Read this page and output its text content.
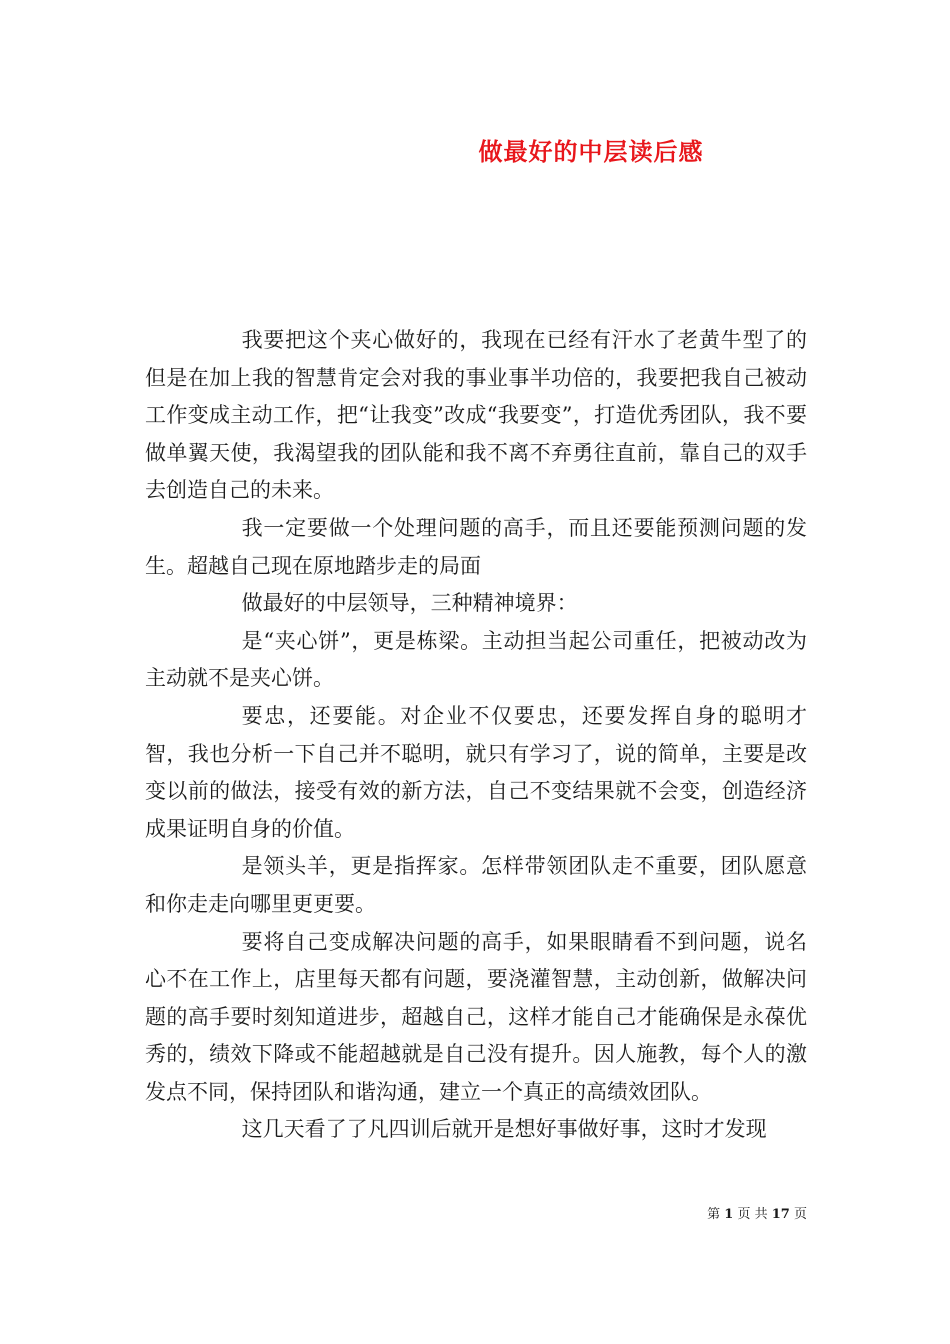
做最好的中层读后感

我要把这个夹心做好的，我现在已经有汗水了老黄牛型了的但是在加上我的智慧肯定会对我的事业事半功倍的，我要把我自己被动工作变成主动工作，把“让我变”改成“我要变”，打造优秀团队，我不要做单翼天使，我渴望我的团队能和我不离不弃勇往直前，靠自己的双手去创造自己的未来。

我一定要做一个处理问题的高手，而且还要能预测问题的发生。超越自己现在原地踏步走的局面

做最好的中层领导，三种精神境界：

是“夹心饼”，更是栋梁。主动担当起公司重任，把被动改为主动就不是夹心饼。

要忠，还要能。对企业不仅要忠，还要发挥自身的聪明才智，我也分析一下自己并不聪明，就只有学习了，说的简单，主要是改变以前的做法，接受有效的新方法，自己不变结果就不会变，创造经济成果证明自身的价值。

是领头羊，更是指挥家。怎样带领团队走不重要，团队愿意和你走走向哪里更更要。

要将自己变成解决问题的高手，如果眼睛看不到问题，说名心不在工作上，店里每天都有问题，要浇灌智慧，主动创新，做解决问题的高手要时刻知道进步，超越自己，这样才能自己才能确保是永葆优秀的，绩效下降或不能超越就是自己没有提升。因人施教，每个人的激发点不同，保持团队和谐沟通，建立一个真正的高绩效团队。

这几天看了了凡四训后就开是想好事做好事，这时才发现

第 1 页 共 17 页
